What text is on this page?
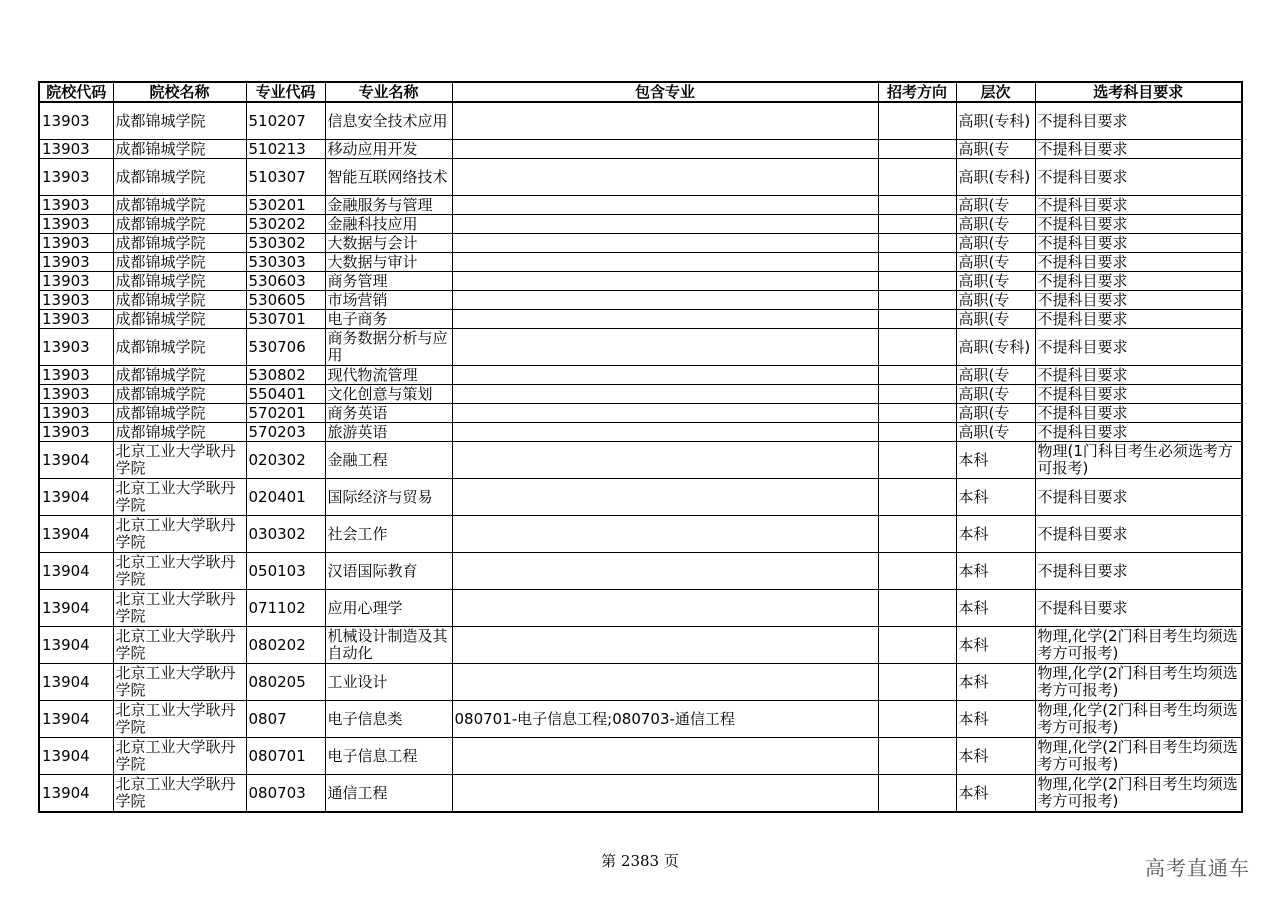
院校代码	院校名称	专业代码	专业名称	包含专业	招考方向	层次	选考科目要求
13903	成都锦城学院	510207	信息安全技术应用			高职(专科)	不提科目要求
13903	成都锦城学院	510213	移动应用开发			高职(专	不提科目要求
13903	成都锦城学院	510307	智能互联网络技术			高职(专科)	不提科目要求
13903	成都锦城学院	530201	金融服务与管理			高职(专	不提科目要求
13903	成都锦城学院	530202	金融科技应用			高职(专	不提科目要求
13903	成都锦城学院	530302	大数据与会计			高职(专	不提科目要求
13903	成都锦城学院	530303	大数据与审计			高职(专	不提科目要求
13903	成都锦城学院	530603	商务管理			高职(专	不提科目要求
13903	成都锦城学院	530605	市场营销			高职(专	不提科目要求
13903	成都锦城学院	530701	电子商务			高职(专	不提科目要求
13903	成都锦城学院	530706	商务数据分析与应用			高职(专科)	不提科目要求
13903	成都锦城学院	530802	现代物流管理			高职(专	不提科目要求
13903	成都锦城学院	550401	文化创意与策划			高职(专	不提科目要求
13903	成都锦城学院	570201	商务英语			高职(专	不提科目要求
13903	成都锦城学院	570203	旅游英语			高职(专	不提科目要求
13904	北京工业大学耿丹学院	020302	金融工程			本科	物理(1门科目考生必须选考方可报考)
13904	北京工业大学耿丹学院	020401	国际经济与贸易			本科	不提科目要求
13904	北京工业大学耿丹学院	030302	社会工作			本科	不提科目要求
13904	北京工业大学耿丹学院	050103	汉语国际教育			本科	不提科目要求
13904	北京工业大学耿丹学院	071102	应用心理学			本科	不提科目要求
13904	北京工业大学耿丹学院	080202	机械设计制造及其自动化			本科	物理,化学(2门科目考生均须选考方可报考)
13904	北京工业大学耿丹学院	080205	工业设计			本科	物理,化学(2门科目考生均须选考方可报考)
13904	北京工业大学耿丹学院	0807	电子信息类	080701-电子信息工程;080703-通信工程		本科	物理,化学(2门科目考生均须选考方可报考)
13904	北京工业大学耿丹学院	080701	电子信息工程			本科	物理,化学(2门科目考生均须选考方可报考)
13904	北京工业大学耿丹学院	080703	通信工程			本科	物理,化学(2门科目考生均须选考方可报考)
第 2383 页	高考直通车
